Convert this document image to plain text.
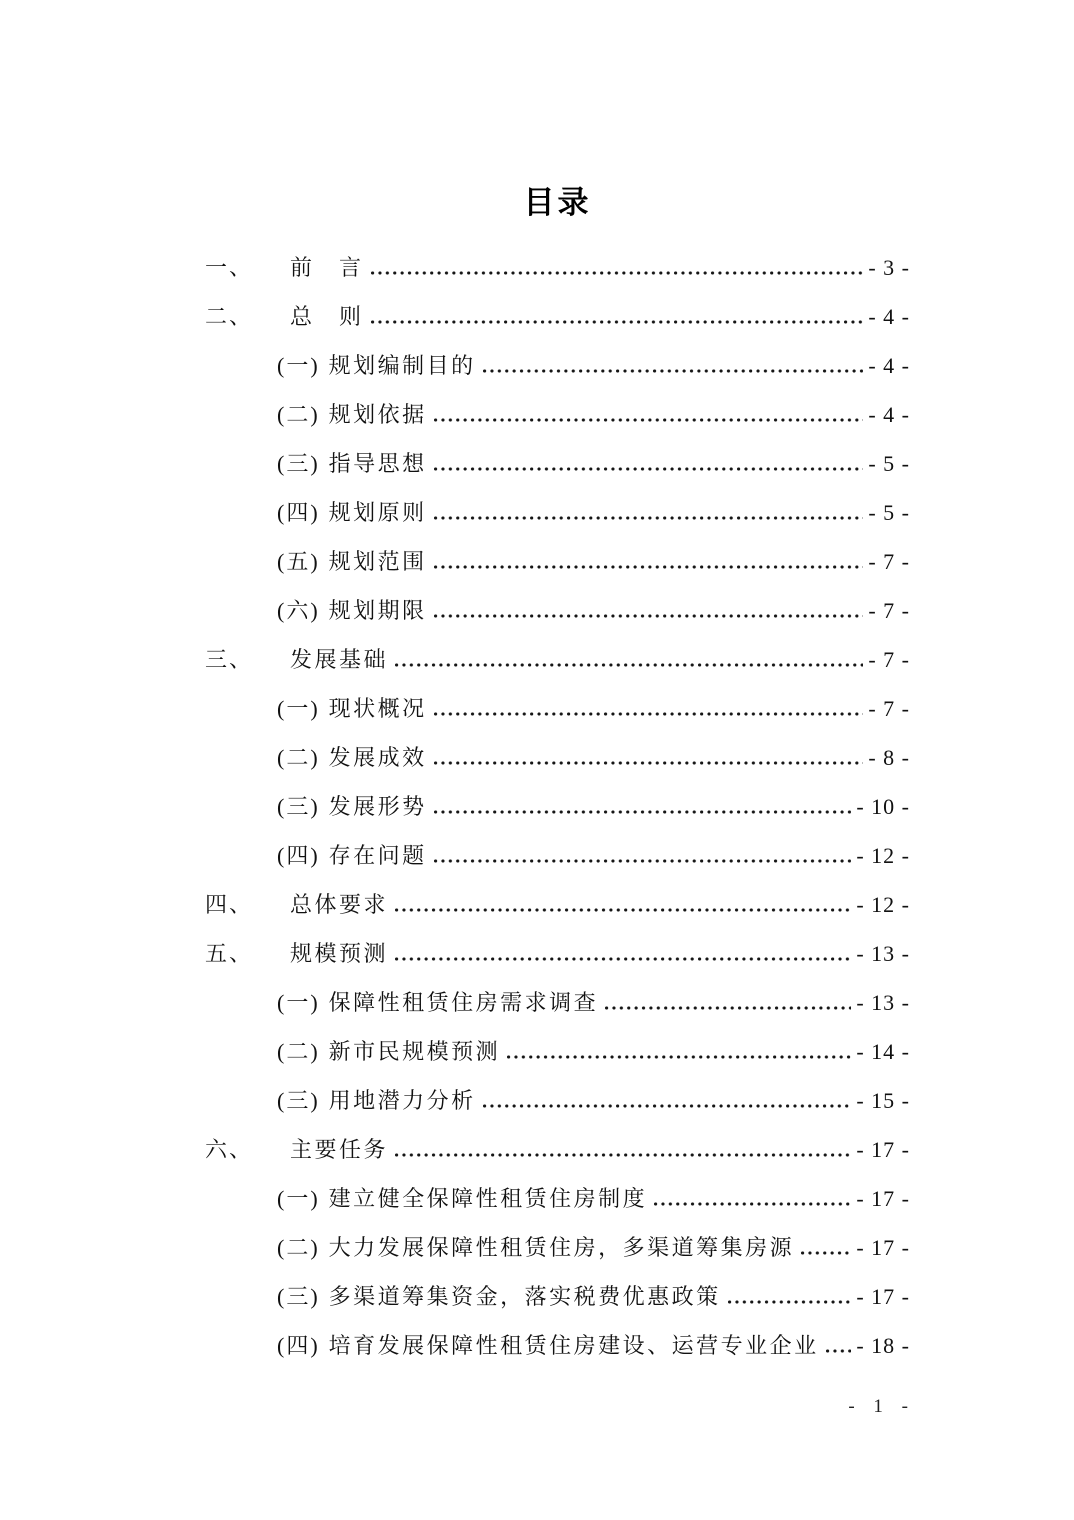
目录
一、	前　言	- 3 -
二、	总　则	- 4 -
(一) 规划编制目的	- 4 -
(二) 规划依据	- 4 -
(三) 指导思想	- 5 -
(四) 规划原则	- 5 -
(五) 规划范围	- 7 -
(六) 规划期限	- 7 -
三、	发展基础	- 7 -
(一) 现状概况	- 7 -
(二) 发展成效	- 8 -
(三) 发展形势	- 10 -
(四) 存在问题	- 12 -
四、	总体要求	- 12 -
五、	规模预测	- 13 -
(一) 保障性租赁住房需求调查	- 13 -
(二) 新市民规模预测	- 14 -
(三) 用地潜力分析	- 15 -
六、	主要任务	- 17 -
(一) 建立健全保障性租赁住房制度	- 17 -
(二) 大力发展保障性租赁住房，多渠道筹集房源	- 17 -
(三) 多渠道筹集资金，落实税费优惠政策	- 17 -
(四) 培育发展保障性租赁住房建设、运营专业企业 - 18 -
- 1 -
